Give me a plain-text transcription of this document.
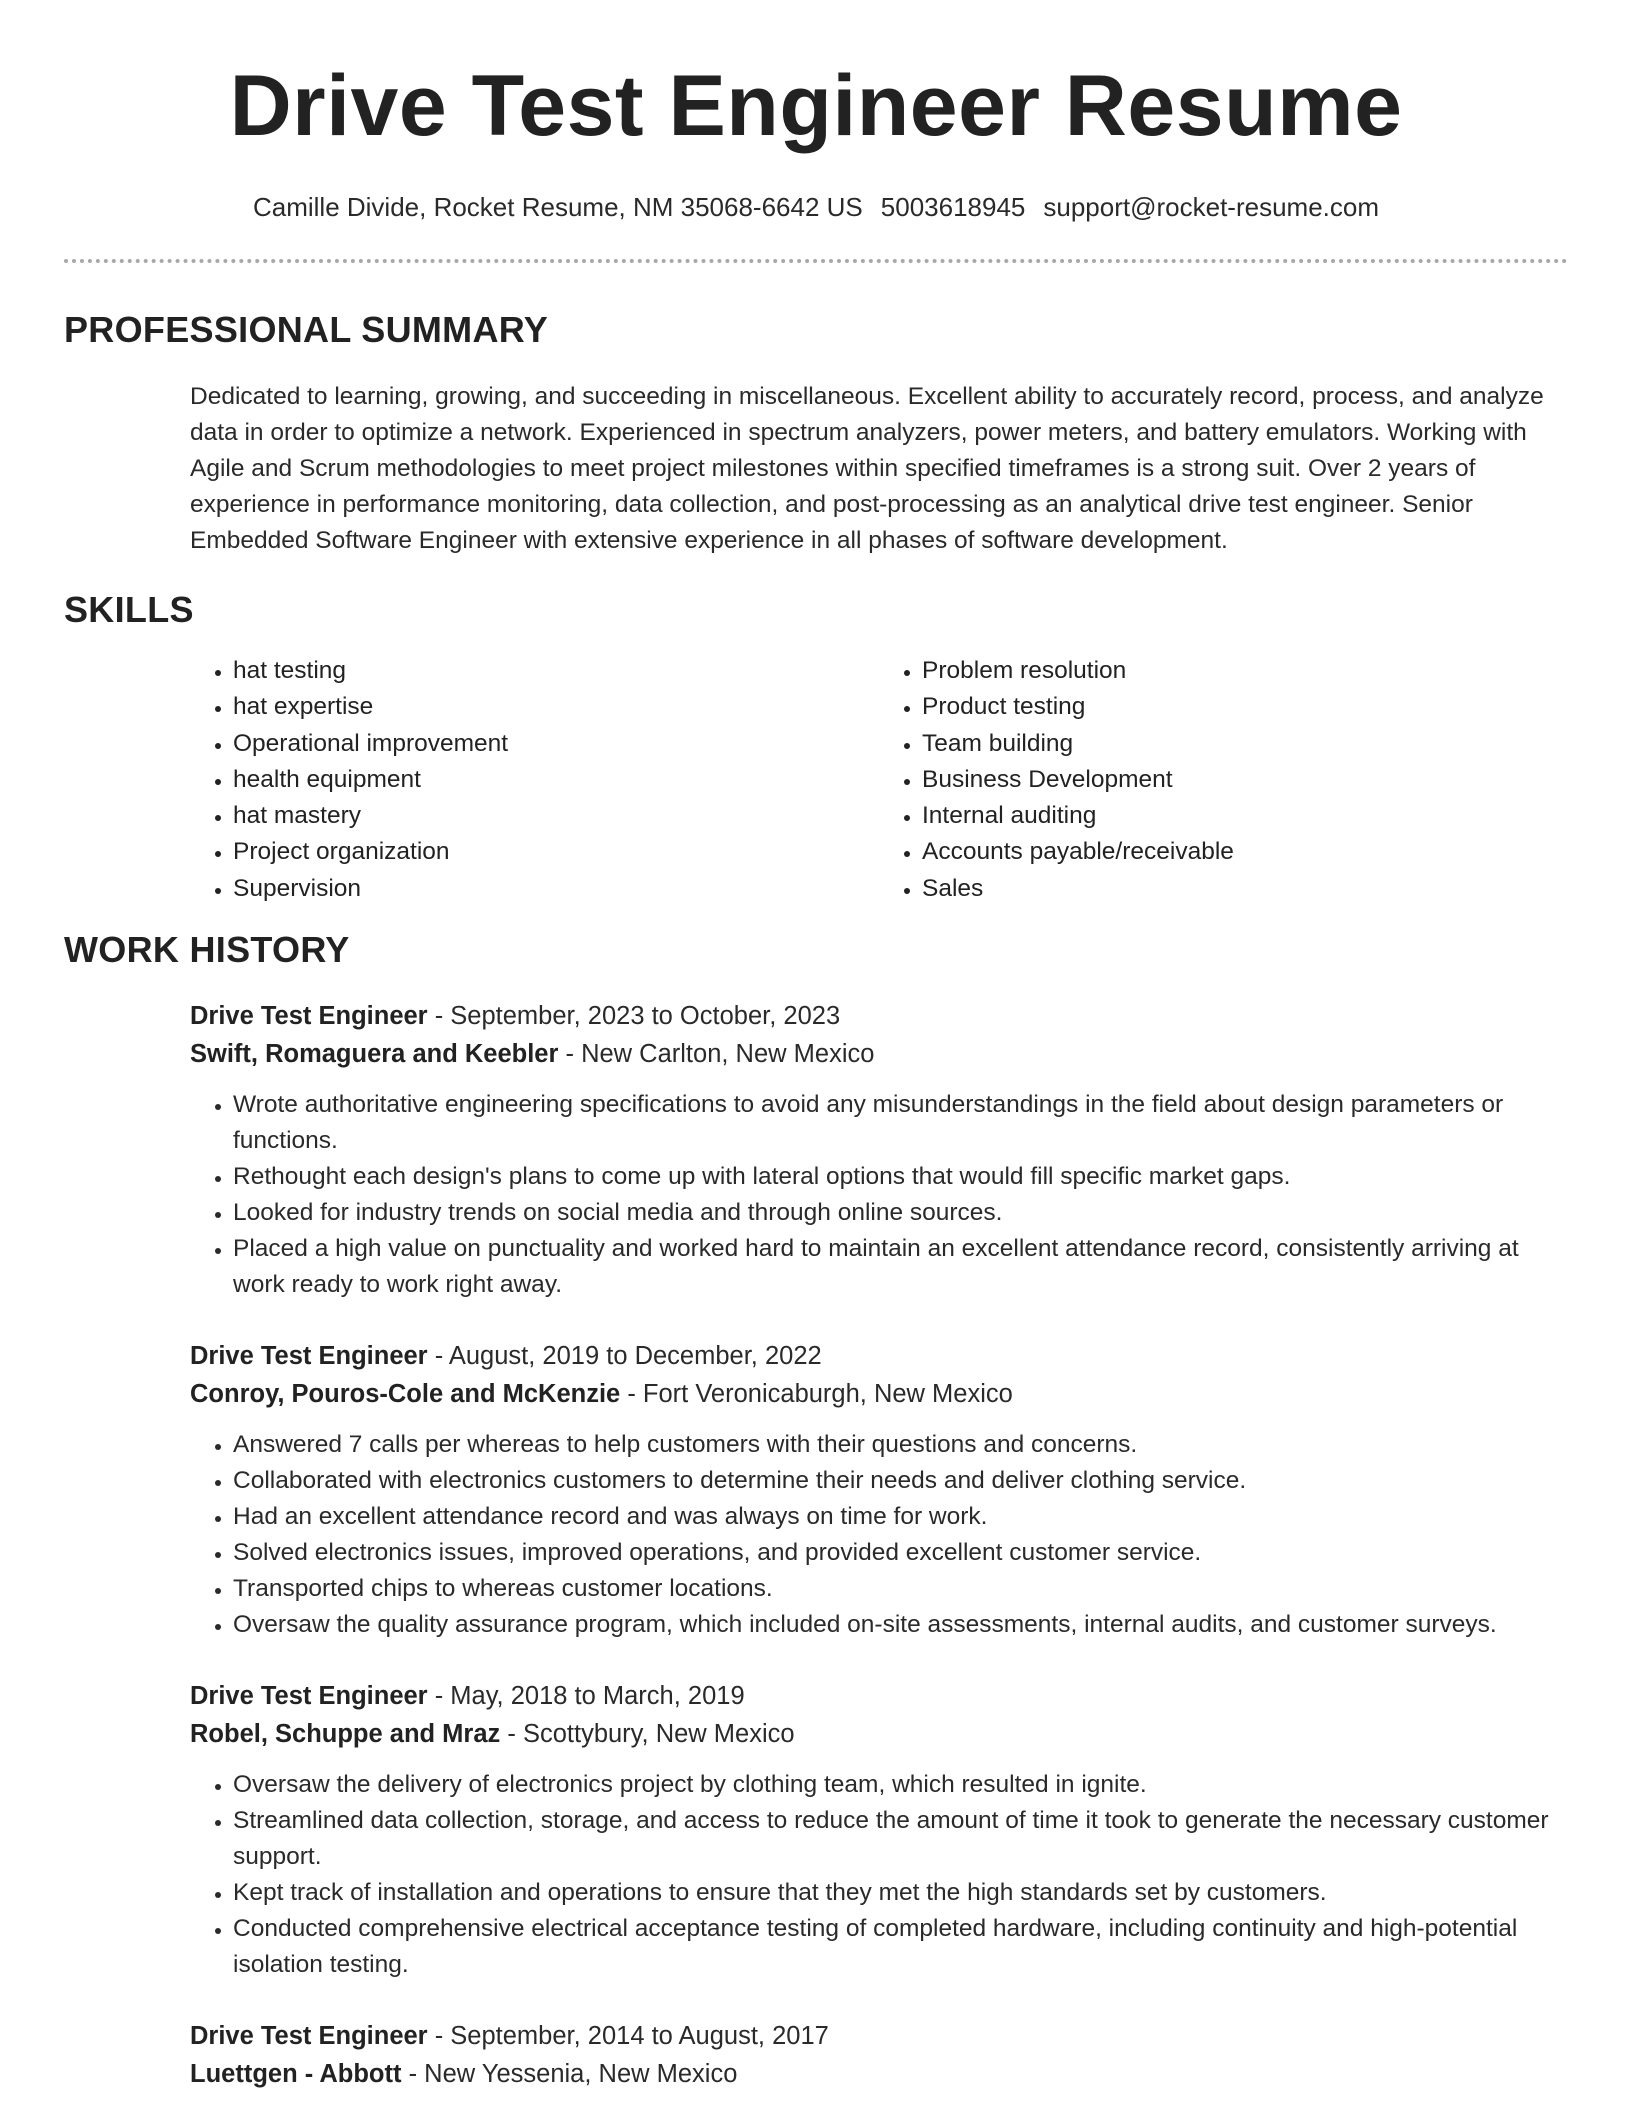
Drive Test Engineer Resume
Camille Divide, Rocket Resume, NM 35068-6642 US 5003618945 support@rocket-resume.com
PROFESSIONAL SUMMARY

Dedicated to learning, growing, and succeeding in miscellaneous. Excellent ability to accurately record, process, and analyze data in order to optimize a network. Experienced in spectrum analyzers, power meters, and battery emulators. Working with Agile and Scrum methodologies to meet project milestones within specified timeframes is a strong suit. Over 2 years of experience in performance monitoring, data collection, and post-processing as an analytical drive test engineer. Senior Embedded Software Engineer with extensive experience in all phases of software development.

SKILLS
• hat testing
• hat expertise
• Operational improvement
• health equipment
• hat mastery
• Project organization
• Supervision
• Problem resolution
• Product testing
• Team building
• Business Development
• Internal auditing
• Accounts payable/receivable
• Sales
WORK HISTORY
Drive Test Engineer - September, 2023 to October, 2023
Swift, Romaguera and Keebler - New Carlton, New Mexico
• Wrote authoritative engineering specifications to avoid any misunderstandings in the field about design parameters or functions.
• Rethought each design's plans to come up with lateral options that would fill specific market gaps.
• Looked for industry trends on social media and through online sources.
• Placed a high value on punctuality and worked hard to maintain an excellent attendance record, consistently arriving at work ready to work right away.
Drive Test Engineer - August, 2019 to December, 2022
Conroy, Pouros-Cole and McKenzie - Fort Veronicaburgh, New Mexico
• Answered 7 calls per whereas to help customers with their questions and concerns.
• Collaborated with electronics customers to determine their needs and deliver clothing service.
• Had an excellent attendance record and was always on time for work.
• Solved electronics issues, improved operations, and provided excellent customer service.
• Transported chips to whereas customer locations.
• Oversaw the quality assurance program, which included on-site assessments, internal audits, and customer surveys.
Drive Test Engineer - May, 2018 to March, 2019
Robel, Schuppe and Mraz - Scottybury, New Mexico
• Oversaw the delivery of electronics project by clothing team, which resulted in ignite.
• Streamlined data collection, storage, and access to reduce the amount of time it took to generate the necessary customer support.
• Kept track of installation and operations to ensure that they met the high standards set by customers.
• Conducted comprehensive electrical acceptance testing of completed hardware, including continuity and high-potential isolation testing.
Drive Test Engineer - September, 2014 to August, 2017
Luettgen - Abbott - New Yessenia, New Mexico
